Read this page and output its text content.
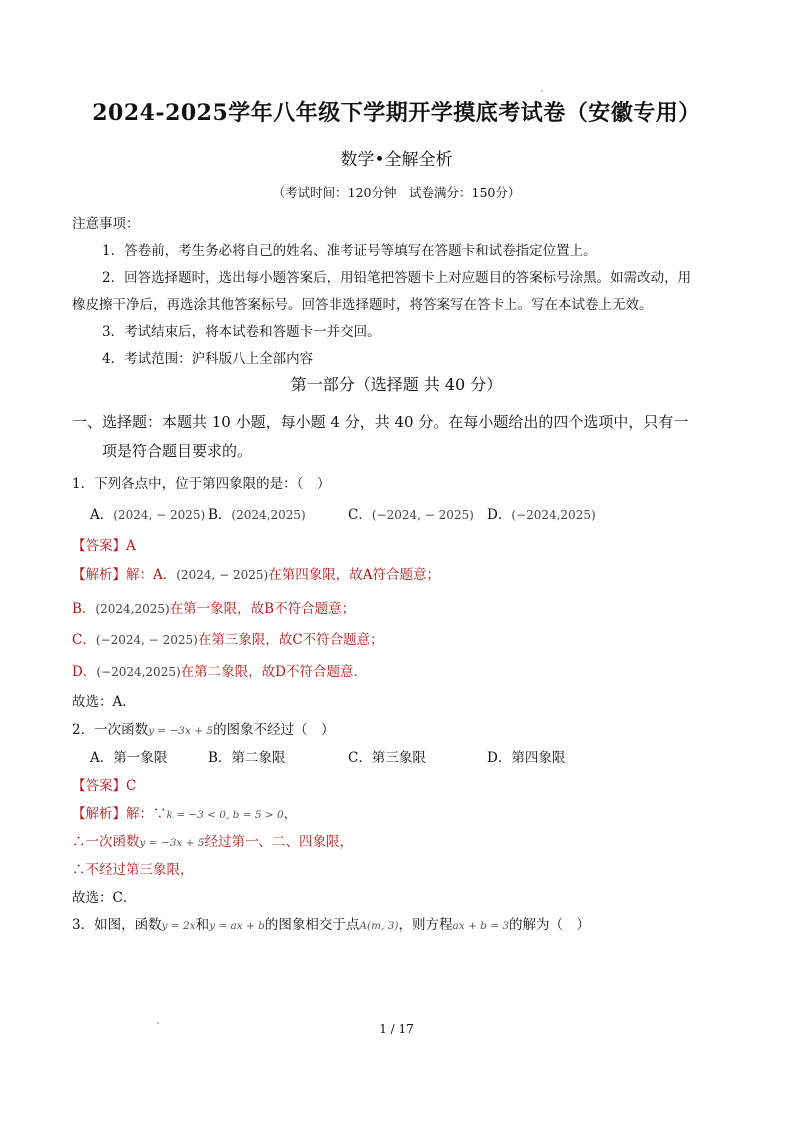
2024-2025学年八年级下学期开学摸底考试卷（安徽专用）
数学•全解全析
（考试时间：120分钟　试卷满分：150分）
注意事项：
1．答卷前，考生务必将自己的姓名、准考证号等填写在答题卡和试卷指定位置上。
2．回答选择题时，选出每小题答案后，用铅笔把答题卡上对应题目的答案标号涂黑。如需改动，用
橡皮擦干净后，再选涂其他答案标号。回答非选择题时，将答案写在答卡上。写在本试卷上无效。
3．考试结束后，将本试卷和答题卡一并交回。
4．考试范围：沪科版八上全部内容
第一部分（选择题 共 40 分）
一、选择题：本题共 10 小题，每小题 4 分，共 40 分。在每小题给出的四个选项中，只有一
项是符合题目要求的。
1．下列各点中，位于第四象限的是：（　）
A．(2024, − 2025) B．(2024,2025)	C．(−2024, − 2025) D．(−2024,2025)
【答案】A
【解析】解：A．(2024, − 2025)在第四象限，故A符合题意；
B．(2024,2025)在第一象限，故B不符合题意；
C．(−2024, − 2025)在第三象限，故C不符合题意；
D．(−2024,2025)在第二象限，故D不符合题意．
故选：A．
2．一次函数y = −3x + 5的图象不经过（　）
A．第一象限	B．第二象限	C．第三象限	D．第四象限
【答案】C
【解析】解：∵k = −3 < 0, b = 5 > 0，
∴一次函数y = −3x + 5经过第一、二、四象限，
∴不经过第三象限，
故选：C．
3．如图，函数y = 2x和y = ax + b的图象相交于点A(m, 3)，则方程ax + b = 3的解为（　）
1 / 17
